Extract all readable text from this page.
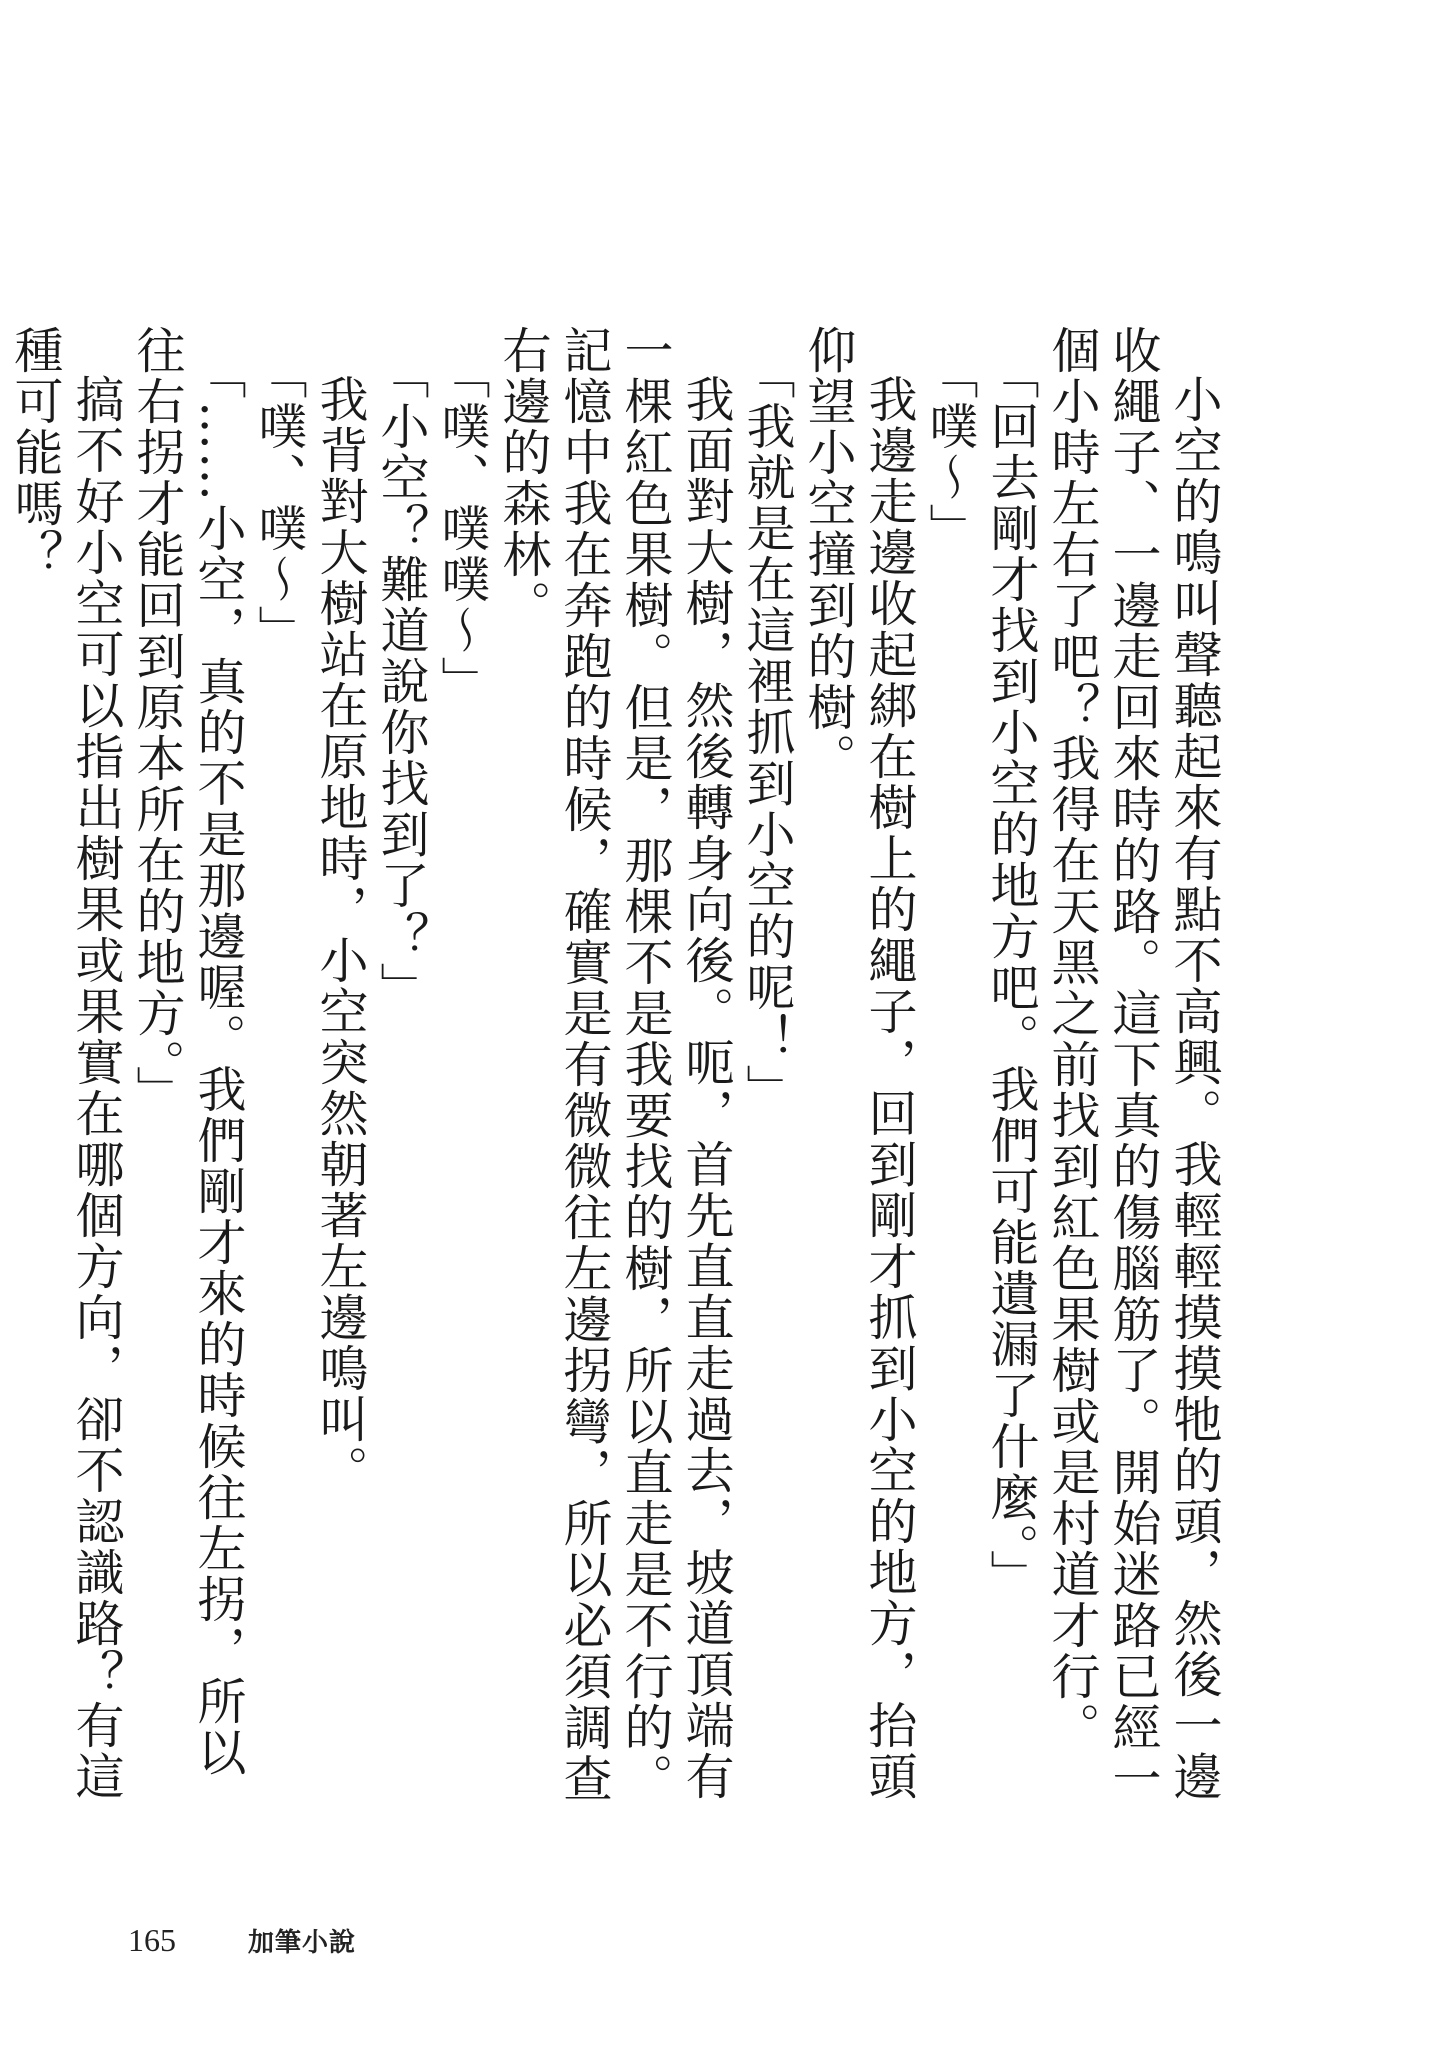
小空的鳴叫聲聽起來有點不高興。我輕輕摸摸牠的頭，然後一邊收繩子、一邊走回來時的路。這下真的傷腦筋了。開始迷路已經一個小時左右了吧？我得在天黑之前找到紅色果樹或是村道才行。

「回去剛才找到小空的地方吧。我們可能遺漏了什麼。」

「噗～」

我邊走邊收起綁在樹上的繩子，回到剛才抓到小空的地方，抬頭仰望小空撞到的樹。

「我就是在這裡抓到小空的呢！」

我面對大樹，然後轉身向後。呃，首先直直走過去，坡道頂端有一棵紅色果樹。但是，那棵不是我要找的樹，所以直走是不行的。記憶中我在奔跑的時候，確實是有微微往左邊拐彎，所以必須調查右邊的森林。

「噗、噗噗～」

「小空？難道說你找到了？」

我背對大樹站在原地時，小空突然朝著左邊鳴叫。

「噗、噗～」

「……小空，真的不是那邊喔。我們剛才來的時候往左拐，所以往右拐才能回到原本所在的地方。」

搞不好小空可以指出樹果或果實在哪個方向，卻不認識路？有這種可能嗎？

165	加筆小說
